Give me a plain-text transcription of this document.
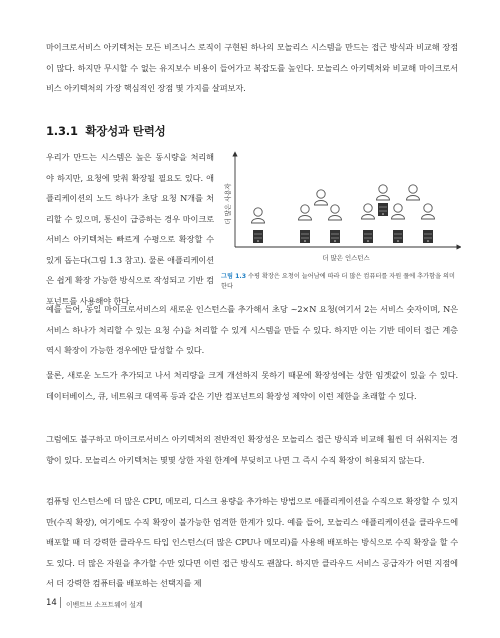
마이크로서비스 아키텍처는 모든 비즈니스 로직이 구현된 하나의 모놀리스 시스템을 만드는 접근 방식과 비교해 장점이 많다. 하지만 무시할 수 없는 유지보수 비용이 들어가고 복잡도를 높인다. 모놀리스 아키텍처와 비교해 마이크로서비스 아키텍처의 가장 핵심적인 장점 몇 가지를 살펴보자.

1.3.1 확장성과 탄력성

우리가 만드는 시스템은 높은 동시량을 처리해야 하지만, 요청에 맞춰 확장될 필요도 있다. 애플리케이션의 노드 하나가 초당 요청 N개를 처리할 수 있으며, 통신이 급증하는 경우 마이크로서비스 아키텍처는 빠르게 수평으로 확장할 수 있게 돕는다(그림 1.3 참고). 물론 애플리케이션은 쉽게 확장 가능한 방식으로 작성되고 기반 컴포넌트를 사용해야 한다.

더 많은 사용자
더 많은 인스턴스
그림 1.3 수평 확장은 요청이 늘어남에 따라 더 많은 컴퓨터를 자원 풀에 추가함을 의미한다

예를 들어, 동일 마이크로서비스의 새로운 인스턴스를 추가해서 초당 ~2×N 요청(여기서 2는 서비스 숫자이며, N은 서비스 하나가 처리할 수 있는 요청 수)을 처리할 수 있게 시스템을 만들 수 있다. 하지만 이는 기반 데이터 접근 계층 역시 확장이 가능한 경우에만 달성할 수 있다.

물론, 새로운 노드가 추가되고 나서 처리량을 크게 개선하지 못하기 때문에 확장성에는 상한 임곗값이 있을 수 있다. 데이터베이스, 큐, 네트워크 대역폭 등과 같은 기반 컴포넌트의 확장성 제약이 이런 제한을 초래할 수 있다.

그럼에도 불구하고 마이크로서비스 아키텍처의 전반적인 확장성은 모놀리스 접근 방식과 비교해 훨씬 더 쉬워지는 경향이 있다. 모놀리스 아키텍처는 몇몇 상한 자원 한계에 부딪히고 나면 그 즉시 수직 확장이 허용되지 않는다.

컴퓨팅 인스턴스에 더 많은 CPU, 메모리, 디스크 용량을 추가하는 방법으로 애플리케이션을 수직으로 확장할 수 있지만(수직 확장), 여기에도 수직 확장이 불가능한 엄격한 한계가 있다. 예를 들어, 모놀리스 애플리케이션을 클라우드에 배포할 때 더 강력한 클라우드 타입 인스턴스(더 많은 CPU나 메모리)를 사용해 배포하는 방식으로 수직 확장을 할 수도 있다. 더 많은 자원을 추가할 수만 있다면 이런 접근 방식도 괜찮다. 하지만 클라우드 서비스 공급자가 어떤 지점에서 더 강력한 컴퓨터를 배포하는 선택지를 제

14 이벤트브 소프트웨어 설계
